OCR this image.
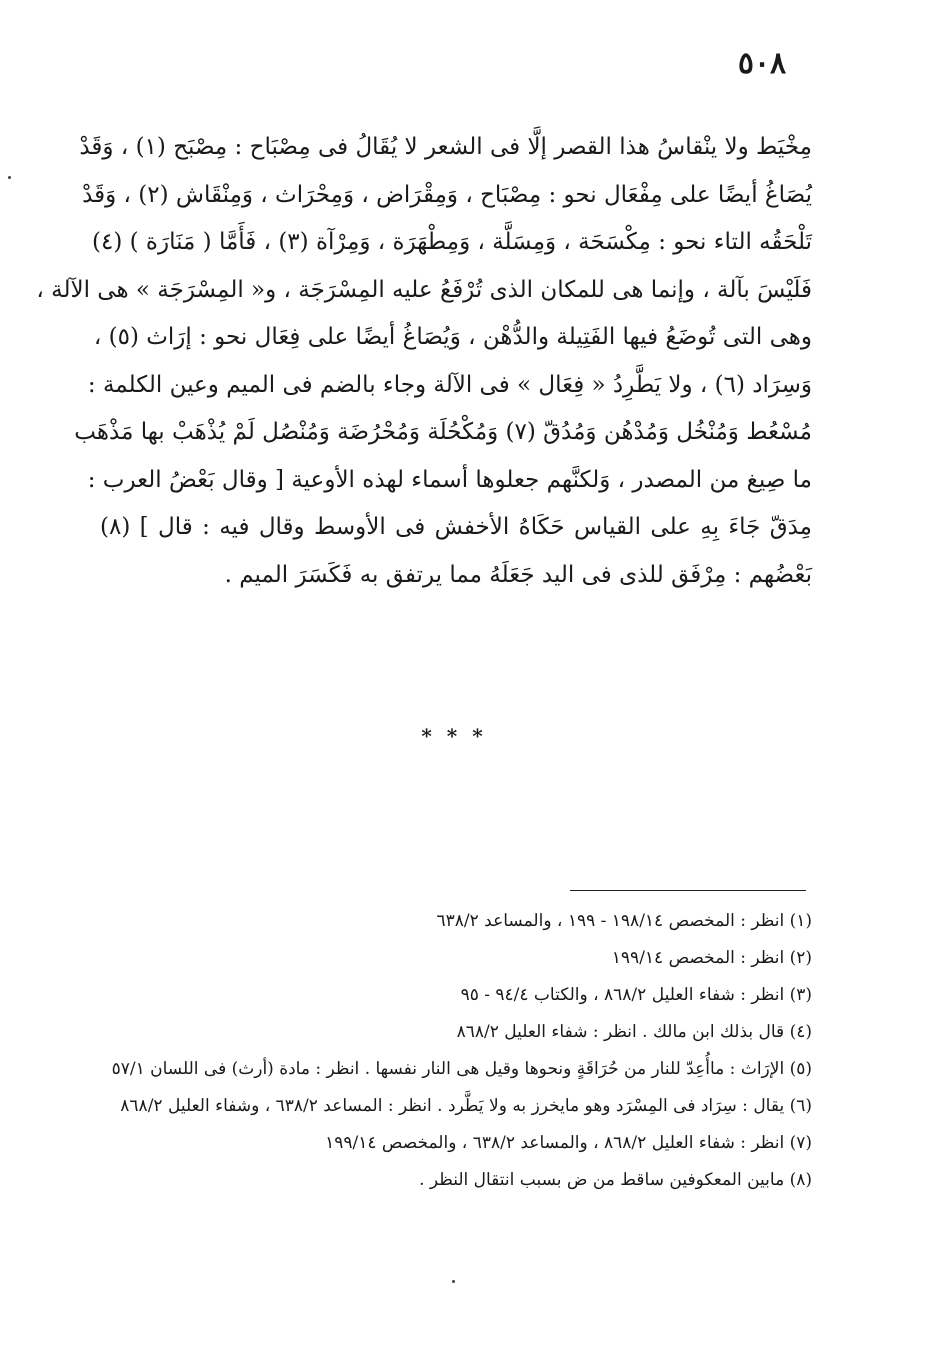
٥٠٨
مِخْيَط ولا ينْقاسُ هذا القصر إلَّا فى الشعر لا يُقَالُ فى مِصْبَاح : مِصْبَح (١) ، وَقَدْ
يُصَاغُ أيضًا على مِفْعَال نحو : مِصْبَاح ، وَمِقْرَاض ، وَمِحْرَاث ، وَمِنْقَاش (٢) ، وَقَدْ
تَلْحَقُه التاء نحو : مِكْسَحَة ، وَمِسَلَّة ، وَمِطْهَرَة ، وَمِرْآة (٣) ، فَأَمَّا ( مَنَارَة ) (٤)
فَلَيْسَ بآلة ، وإنما هى للمكان الذى تُرْفَعُ عليه المِسْرَجَة ، و« المِسْرَجَة » هى الآلة ،
وهى التى تُوضَعُ فيها الفَتِيلة والدُّهْن ، وَيُصَاغُ أيضًا على فِعَال نحو : إرَاث (٥) ،
وَسِرَاد (٦) ، ولا يَطَّرِدُ « فِعَال » فى الآلة وجاء بالضم فى الميم وعين الكلمة :
مُسْعُط وَمُنْخُل وَمُدْهُن وَمُدُقّ (٧) وَمُكْحُلَة وَمُحْرُضَة وَمُنْصُل لَمْ يُذْهَبْ بها مَذْهَب
ما صِيغ من المصدر ، وَلكنَّهم جعلوها أسماء لهذه الأوعية [ وقال بَعْضُ العرب :
مِدَقّ جَاءَ بِهِ على القياس حَكَاهُ الأخفش فى الأوسط وقال فيه : قال ] (٨)
بَعْضُهم : مِرْفَق للذى فى اليد جَعَلَهُ مما يرتفق به فَكَسَرَ الميم .
* * *
(١) انظر : المخصص ١٩٨/١٤ - ١٩٩ ، والمساعد ٦٣٨/٢
(٢) انظر : المخصص ١٩٩/١٤
(٣) انظر : شفاء العليل ٨٦٨/٢ ، والكتاب ٩٤/٤ - ٩٥
(٤) قال بذلك ابن مالك . انظر : شفاء العليل ٨٦٨/٢
(٥) الإرَاث : ماأُعِدّ للنار من حُرَاقَةٍ ونحوها وقيل هى النار نفسها . انظر : مادة (أرث) فى اللسان ٥٧/١
(٦) يقال : سِرَاد فى المِسْرَد وهو مايخرز به ولا يَطَّرد . انظر : المساعد ٦٣٨/٢ ، وشفاء العليل ٨٦٨/٢
(٧) انظر : شفاء العليل ٨٦٨/٢ ، والمساعد ٦٣٨/٢ ، والمخصص ١٩٩/١٤
(٨) مابين المعكوفين ساقط من ض بسبب انتقال النظر .
